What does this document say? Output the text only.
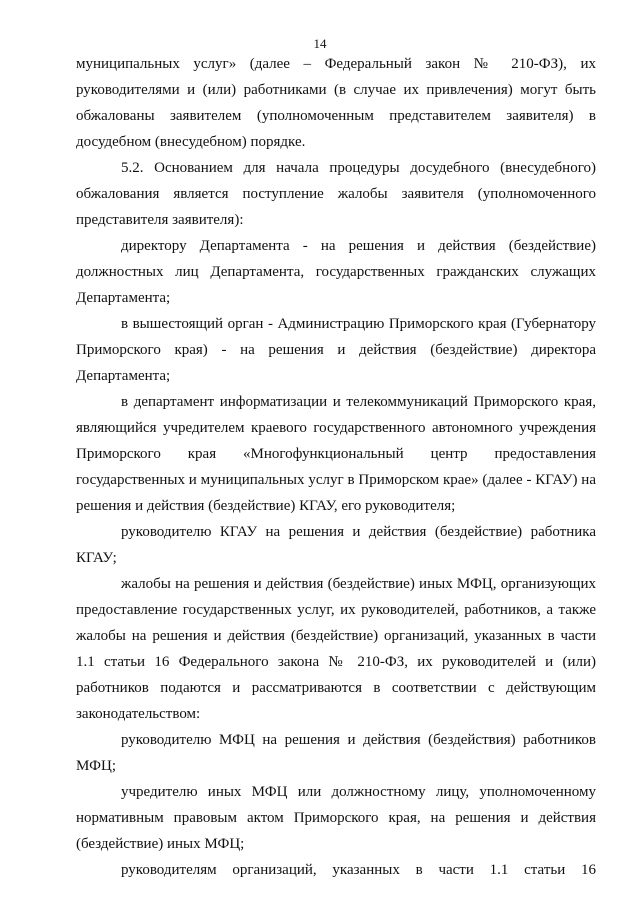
14

муниципальных услуг» (далее – Федеральный закон № 210-ФЗ), их руководителями и (или) работниками (в случае их привлечения) могут быть обжалованы заявителем (уполномоченным представителем заявителя) в досудебном (внесудебном) порядке.

5.2. Основанием для начала процедуры досудебного (внесудебного) обжалования является поступление жалобы заявителя (уполномоченного представителя заявителя):

директору Департамента - на решения и действия (бездействие) должностных лиц Департамента, государственных гражданских служащих Департамента;

в вышестоящий орган - Администрацию Приморского края (Губернатору Приморского края) - на решения и действия (бездействие) директора Департамента;

в департамент информатизации и телекоммуникаций Приморского края, являющийся учредителем краевого государственного автономного учреждения Приморского края «Многофункциональный центр предоставления государственных и муниципальных услуг в Приморском крае» (далее - КГАУ) на решения и действия (бездействие) КГАУ, его руководителя;

руководителю КГАУ на решения и действия (бездействие) работника КГАУ;

жалобы на решения и действия (бездействие) иных МФЦ, организующих предоставление государственных услуг, их руководителей, работников, а также жалобы на решения и действия (бездействие) организаций, указанных в части 1.1 статьи 16 Федерального закона № 210-ФЗ, их руководителей и (или) работников подаются и рассматриваются в соответствии с действующим законодательством:

руководителю МФЦ на решения и действия (бездействия) работников МФЦ;

учредителю иных МФЦ или должностному лицу, уполномоченному нормативным правовым актом Приморского края, на решения и действия (бездействие) иных МФЦ;

руководителям организаций, указанных в части 1.1 статьи 16
